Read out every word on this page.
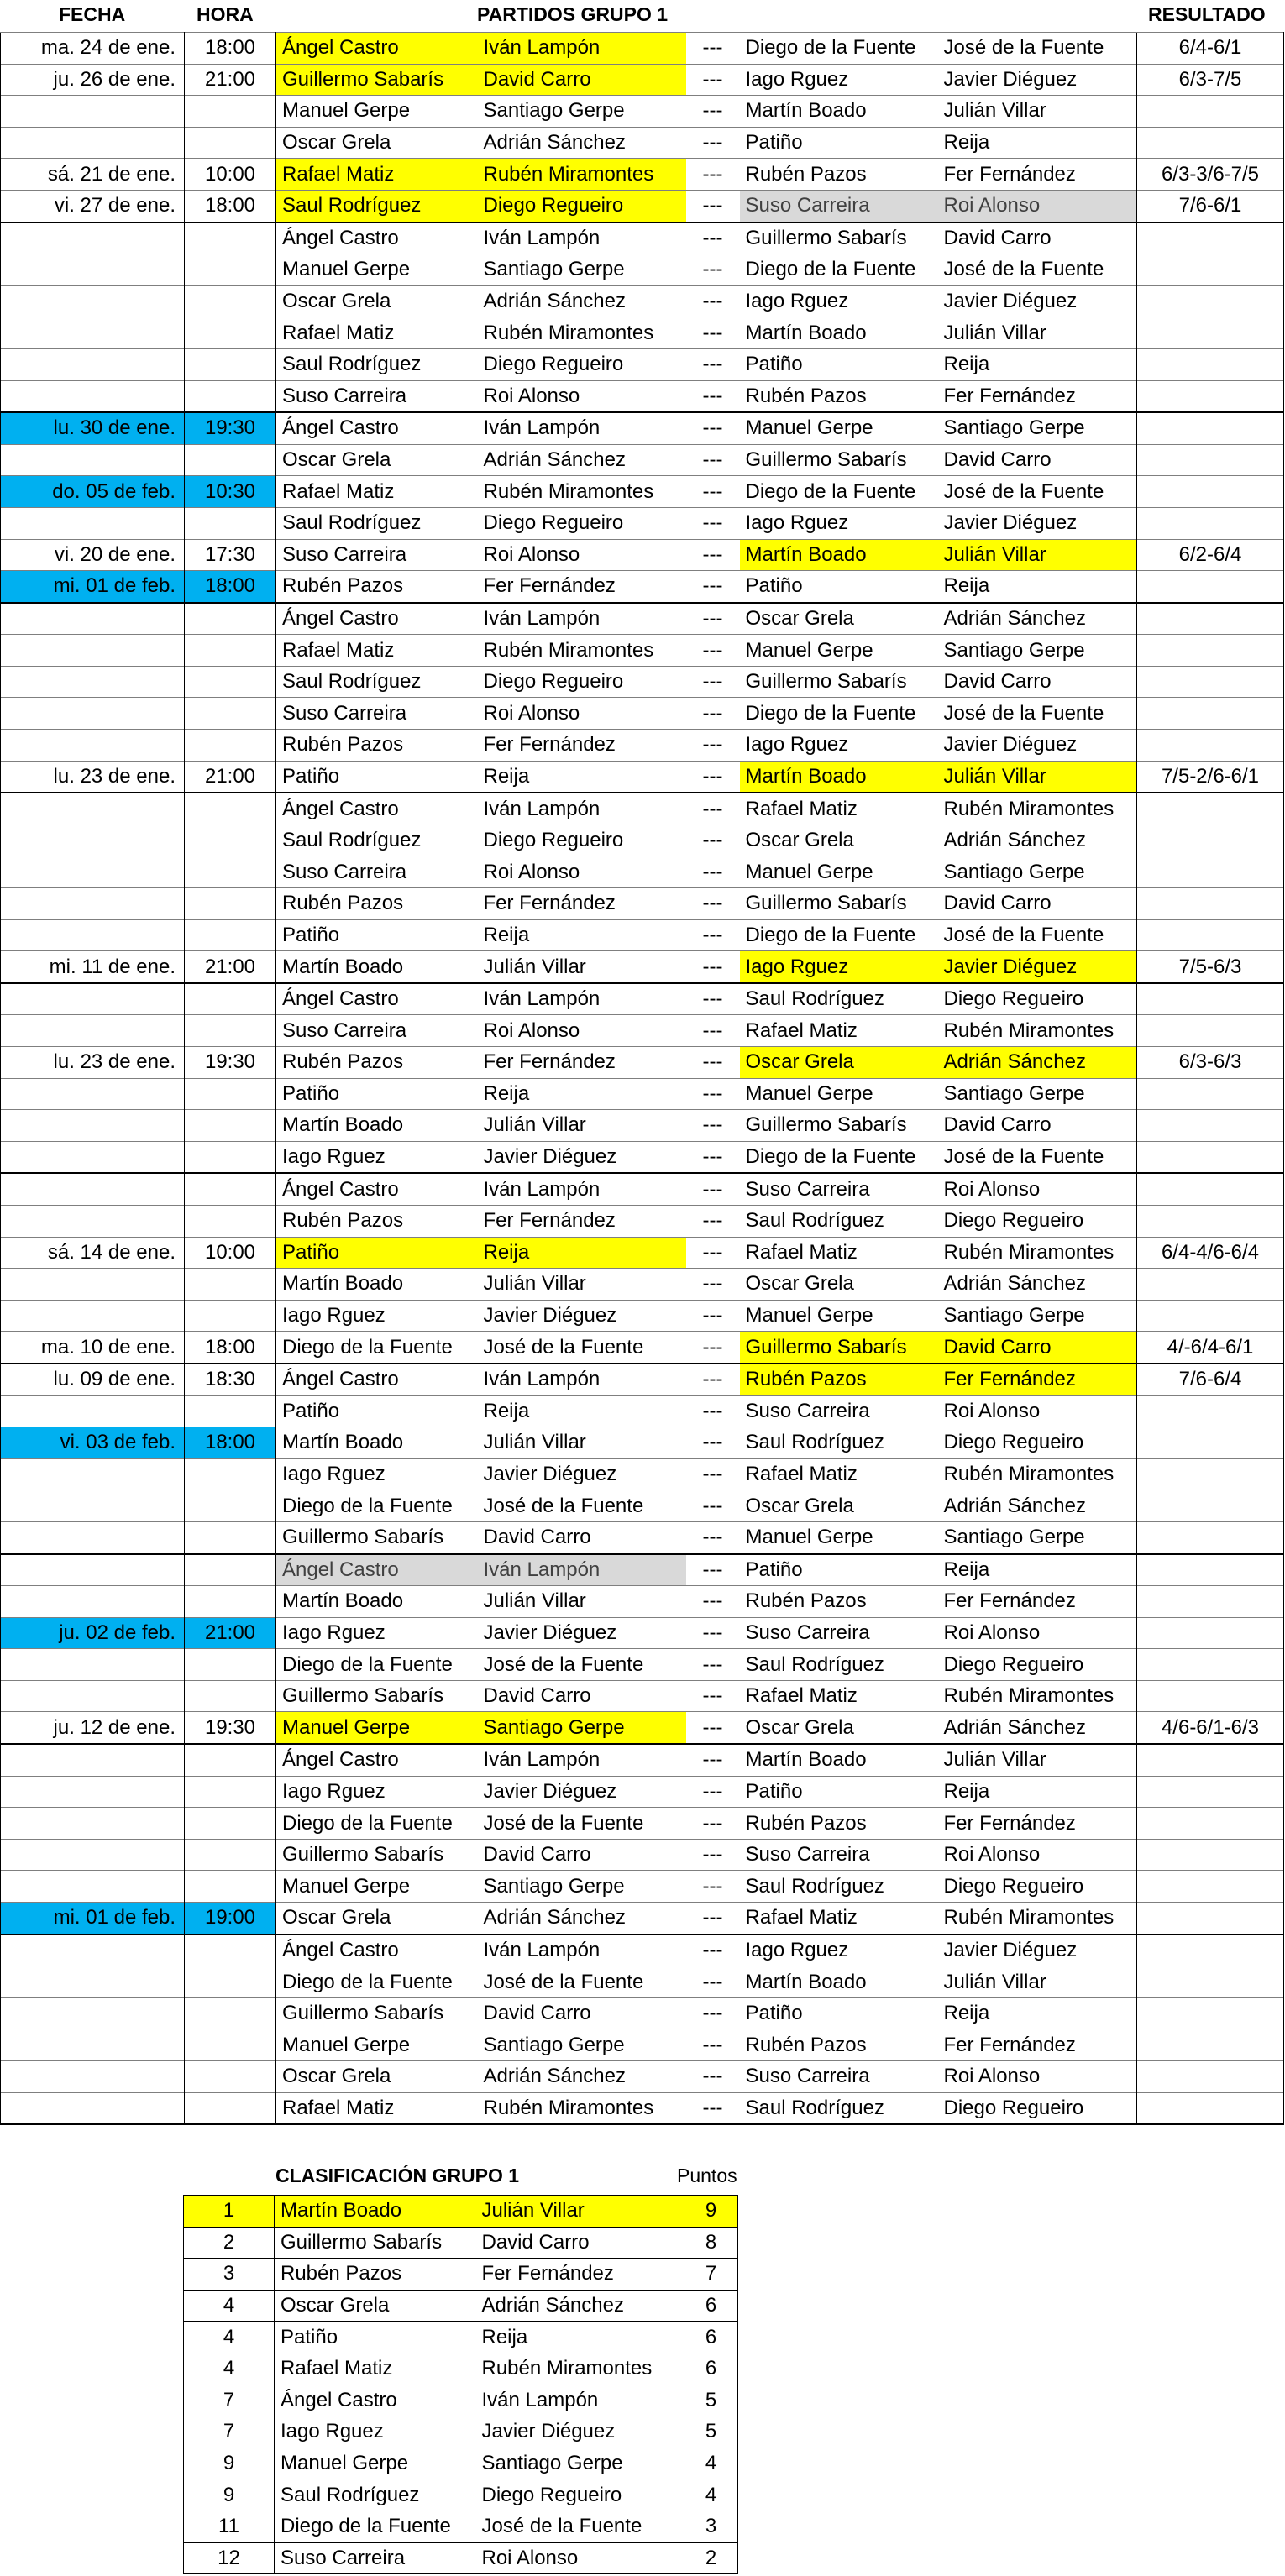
FECHA	HORA	PARTIDOS GRUPO 1	RESULTADO
ma. 24 de ene.	18:00	Ángel Castro	Iván Lampón	---	Diego de la Fuente	José de la Fuente	6/4-6/1
ju. 26 de ene.	21:00	Guillermo Sabarís	David Carro	---	Iago Rguez	Javier Diéguez	6/3-7/5
		Manuel Gerpe	Santiago Gerpe	---	Martín Boado	Julián Villar	
		Oscar Grela	Adrián Sánchez	---	Patiño	Reija	
sá. 21 de ene.	10:00	Rafael Matiz	Rubén Miramontes	---	Rubén Pazos	Fer Fernández	6/3-3/6-7/5
vi. 27 de ene.	18:00	Saul Rodríguez	Diego Regueiro	---	Suso Carreira	Roi Alonso	7/6-6/1
		Ángel Castro	Iván Lampón	---	Guillermo Sabarís	David Carro	
		Manuel Gerpe	Santiago Gerpe	---	Diego de la Fuente	José de la Fuente	
		Oscar Grela	Adrián Sánchez	---	Iago Rguez	Javier Diéguez	
		Rafael Matiz	Rubén Miramontes	---	Martín Boado	Julián Villar	
		Saul Rodríguez	Diego Regueiro	---	Patiño	Reija	
		Suso Carreira	Roi Alonso	---	Rubén Pazos	Fer Fernández	
lu. 30 de ene.	19:30	Ángel Castro	Iván Lampón	---	Manuel Gerpe	Santiago Gerpe	
		Oscar Grela	Adrián Sánchez	---	Guillermo Sabarís	David Carro	
do. 05 de feb.	10:30	Rafael Matiz	Rubén Miramontes	---	Diego de la Fuente	José de la Fuente	
		Saul Rodríguez	Diego Regueiro	---	Iago Rguez	Javier Diéguez	
vi. 20 de ene.	17:30	Suso Carreira	Roi Alonso	---	Martín Boado	Julián Villar	6/2-6/4
mi. 01 de feb.	18:00	Rubén Pazos	Fer Fernández	---	Patiño	Reija	
		Ángel Castro	Iván Lampón	---	Oscar Grela	Adrián Sánchez	
		Rafael Matiz	Rubén Miramontes	---	Manuel Gerpe	Santiago Gerpe	
		Saul Rodríguez	Diego Regueiro	---	Guillermo Sabarís	David Carro	
		Suso Carreira	Roi Alonso	---	Diego de la Fuente	José de la Fuente	
		Rubén Pazos	Fer Fernández	---	Iago Rguez	Javier Diéguez	
lu. 23 de ene.	21:00	Patiño	Reija	---	Martín Boado	Julián Villar	7/5-2/6-6/1
		Ángel Castro	Iván Lampón	---	Rafael Matiz	Rubén Miramontes	
		Saul Rodríguez	Diego Regueiro	---	Oscar Grela	Adrián Sánchez	
		Suso Carreira	Roi Alonso	---	Manuel Gerpe	Santiago Gerpe	
		Rubén Pazos	Fer Fernández	---	Guillermo Sabarís	David Carro	
		Patiño	Reija	---	Diego de la Fuente	José de la Fuente	
mi. 11 de ene.	21:00	Martín Boado	Julián Villar	---	Iago Rguez	Javier Diéguez	7/5-6/3
		Ángel Castro	Iván Lampón	---	Saul Rodríguez	Diego Regueiro	
		Suso Carreira	Roi Alonso	---	Rafael Matiz	Rubén Miramontes	
lu. 23 de ene.	19:30	Rubén Pazos	Fer Fernández	---	Oscar Grela	Adrián Sánchez	6/3-6/3
		Patiño	Reija	---	Manuel Gerpe	Santiago Gerpe	
		Martín Boado	Julián Villar	---	Guillermo Sabarís	David Carro	
		Iago Rguez	Javier Diéguez	---	Diego de la Fuente	José de la Fuente	
		Ángel Castro	Iván Lampón	---	Suso Carreira	Roi Alonso	
		Rubén Pazos	Fer Fernández	---	Saul Rodríguez	Diego Regueiro	
sá. 14 de ene.	10:00	Patiño	Reija	---	Rafael Matiz	Rubén Miramontes	6/4-4/6-6/4
		Martín Boado	Julián Villar	---	Oscar Grela	Adrián Sánchez	
		Iago Rguez	Javier Diéguez	---	Manuel Gerpe	Santiago Gerpe	
ma. 10 de ene.	18:00	Diego de la Fuente	José de la Fuente	---	Guillermo Sabarís	David Carro	4/-6/4-6/1
lu. 09 de ene.	18:30	Ángel Castro	Iván Lampón	---	Rubén Pazos	Fer Fernández	7/6-6/4
		Patiño	Reija	---	Suso Carreira	Roi Alonso	
vi. 03 de feb.	18:00	Martín Boado	Julián Villar	---	Saul Rodríguez	Diego Regueiro	
		Iago Rguez	Javier Diéguez	---	Rafael Matiz	Rubén Miramontes	
		Diego de la Fuente	José de la Fuente	---	Oscar Grela	Adrián Sánchez	
		Guillermo Sabarís	David Carro	---	Manuel Gerpe	Santiago Gerpe	
		Ángel Castro	Iván Lampón	---	Patiño	Reija	
		Martín Boado	Julián Villar	---	Rubén Pazos	Fer Fernández	
ju. 02 de feb.	21:00	Iago Rguez	Javier Diéguez	---	Suso Carreira	Roi Alonso	
		Diego de la Fuente	José de la Fuente	---	Saul Rodríguez	Diego Regueiro	
		Guillermo Sabarís	David Carro	---	Rafael Matiz	Rubén Miramontes	
ju. 12 de ene.	19:30	Manuel Gerpe	Santiago Gerpe	---	Oscar Grela	Adrián Sánchez	4/6-6/1-6/3
		Ángel Castro	Iván Lampón	---	Martín Boado	Julián Villar	
		Iago Rguez	Javier Diéguez	---	Patiño	Reija	
		Diego de la Fuente	José de la Fuente	---	Rubén Pazos	Fer Fernández	
		Guillermo Sabarís	David Carro	---	Suso Carreira	Roi Alonso	
		Manuel Gerpe	Santiago Gerpe	---	Saul Rodríguez	Diego Regueiro	
mi. 01 de feb.	19:00	Oscar Grela	Adrián Sánchez	---	Rafael Matiz	Rubén Miramontes	
		Ángel Castro	Iván Lampón	---	Iago Rguez	Javier Diéguez	
		Diego de la Fuente	José de la Fuente	---	Martín Boado	Julián Villar	
		Guillermo Sabarís	David Carro	---	Patiño	Reija	
		Manuel Gerpe	Santiago Gerpe	---	Rubén Pazos	Fer Fernández	
		Oscar Grela	Adrián Sánchez	---	Suso Carreira	Roi Alonso	
		Rafael Matiz	Rubén Miramontes	---	Saul Rodríguez	Diego Regueiro	
CLASIFICACIÓN GRUPO 1	Puntos
1	Martín Boado	Julián Villar	9
2	Guillermo Sabarís	David Carro	8
3	Rubén Pazos	Fer Fernández	7
4	Oscar Grela	Adrián Sánchez	6
4	Patiño	Reija	6
4	Rafael Matiz	Rubén Miramontes	6
7	Ángel Castro	Iván Lampón	5
7	Iago Rguez	Javier Diéguez	5
9	Manuel Gerpe	Santiago Gerpe	4
9	Saul Rodríguez	Diego Regueiro	4
11	Diego de la Fuente	José de la Fuente	3
12	Suso Carreira	Roi Alonso	2
